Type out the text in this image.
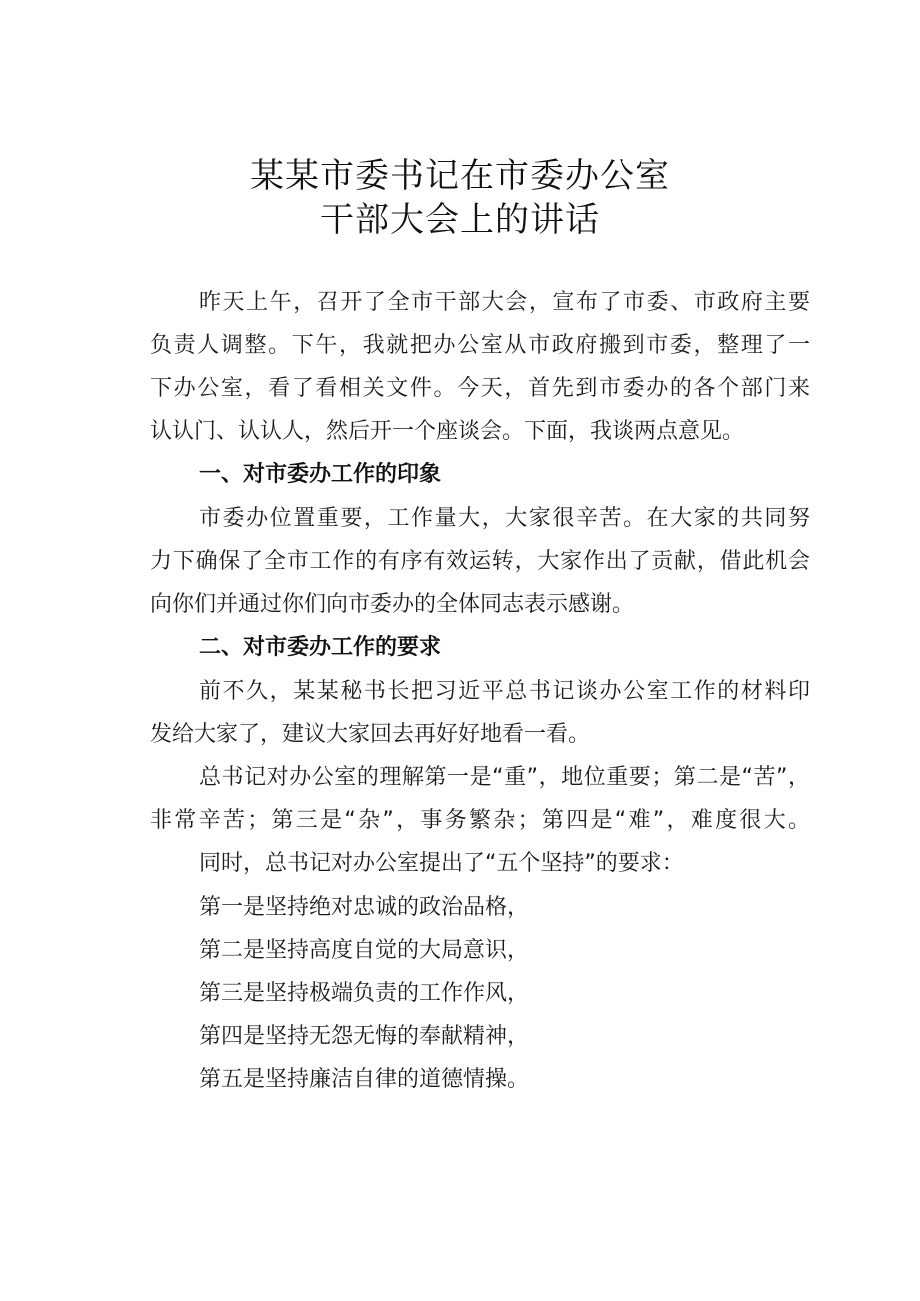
某某市委书记在市委办公室
干部大会上的讲话
昨天上午，召开了全市干部大会，宣布了市委、市政府主要
负责人调整。下午，我就把办公室从市政府搬到市委，整理了一
下办公室，看了看相关文件。今天，首先到市委办的各个部门来
认认门、认认人，然后开一个座谈会。下面，我谈两点意见。
一、对市委办工作的印象
市委办位置重要，工作量大，大家很辛苦。在大家的共同努
力下确保了全市工作的有序有效运转，大家作出了贡献，借此机会
向你们并通过你们向市委办的全体同志表示感谢。
二、对市委办工作的要求
前不久，某某秘书长把习近平总书记谈办公室工作的材料印
发给大家了，建议大家回去再好好地看一看。
总书记对办公室的理解第一是“重”，地位重要；第二是“苦”，
非常辛苦；第三是“杂”，事务繁杂；第四是“难”，难度很大。
同时，总书记对办公室提出了“五个坚持”的要求：
第一是坚持绝对忠诚的政治品格，
第二是坚持高度自觉的大局意识，
第三是坚持极端负责的工作作风，
第四是坚持无怨无悔的奉献精神，
第五是坚持廉洁自律的道德情操。
